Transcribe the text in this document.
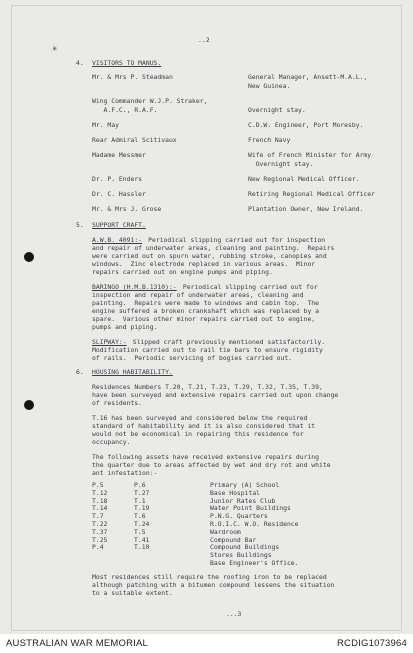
..2
✳
4. VISITORS TO MANUS.
Mr. & Mrs P. Steadman	General Manager, Ansett-M.A.L.,
New Guinea.
Wing Commander W.J.P. Straker,
A.F.C., R.A.F.	Overnight stay.
Mr. May	C.D.W. Engineer, Port Moresby.
Rear Admiral Scitivaux	French Navy
Madame Messmer	Wife of French Minister for Army
Overnight stay.
Dr. P. Enders	New Regional Medical Officer.
Dr. C. Hassler	Retiring Regional Medical Officer
Mr. & Mrs J. Grose	Plantation Owner, New Ireland.
5. SUPPORT CRAFT.
A.W.B. 4091:- Periodical slipping carried out for inspection
and repair of underwater areas, cleaning and painting.  Repairs
were carried out on spurn water, rubbing stroke, canopies and
windows.  Zinc electrode replaced in various areas.  Minor
repairs carried out on engine pumps and piping.
BARINGO (H.M.B.1310):- Periodical slipping carried out for
inspection and repair of underwater areas, cleaning and
painting.  Repairs were made to windows and cabin top.  The
engine suffered a broken crankshaft which was replaced by a
spare.  Various other minor repairs carried out to engine,
pumps and piping.
SLIPWAY:- Slipped craft previously mentioned satisfactorily.
Modification carried out to rail tie bars to ensure rigidity
of rails.  Periodic servicing of bogies carried out.
6. HOUSING HABITABILITY.
Residences Numbers T.20, T.21, T.23, T.29, T.32, T.35, T.39,
have been surveyed and extensive repairs carried out upon change
of residents.
T.16 has been surveyed and considered below the required
standard of habitability and it is also considered that it
would not be economical in repairing this residence for
occupancy.
The following assets have received extensive repairs during
the quarter due to areas affected by wet and dry rot and white
ant infestation:-
P.5	P.6	Primary (A) School
T.12	T.27	Base Hospital
T.18	T.1	Junior Rates Club
T.14	T.19	Water Point Buildings
T.7	T.6	P.N.G. Quarters
T.22	T.24	R.O.I.C. W.O. Residence
T.37	T.5	Wardroom
T.25	T.41	Compound Bar
P.4	T.10	Compound Buildings
Stores Buildings
Base Engineer's Office.
Most residences still require the roofing iron to be replaced
although patching with a bitumen compound lessens the situation
to a suitable extent.
...3
AUSTRALIAN WAR MEMORIAL	RCDIG1073964
